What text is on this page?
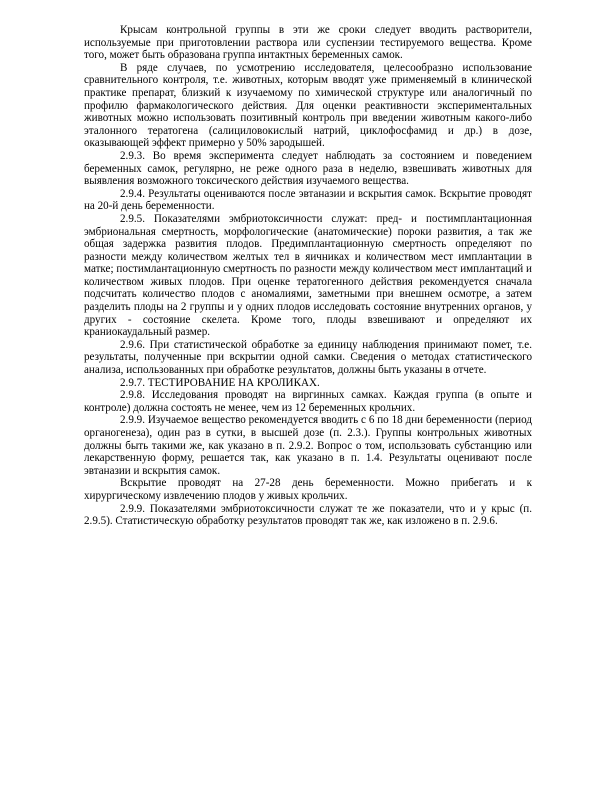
Крысам контрольной группы в эти же сроки следует вводить растворители, используемые при приготовлении раствора или суспензии тестируемого вещества. Кроме того, может быть образована группа интактных беременных самок.

В ряде случаев, по усмотрению исследователя, целесообразно использование сравнительного контроля, т.е. животных, которым вводят уже применяемый в клинической практике препарат, близкий к изучаемому по химической структуре или аналогичный по профилю фармакологического действия. Для оценки реактивности экспериментальных животных можно использовать позитивный контроль при введении животным какого-либо эталонного тератогена (салициловокислый натрий, циклофосфамид и др.) в дозе, оказывающей эффект примерно у 50% зародышей.

2.9.3. Во время эксперимента следует наблюдать за состоянием и поведением беременных самок, регулярно, не реже одного раза в неделю, взвешивать животных для выявления возможного токсического действия изучаемого вещества.

2.9.4. Результаты оцениваются после эвтаназии и вскрытия самок. Вскрытие проводят на 20-й день беременности.

2.9.5. Показателями эмбриотоксичности служат: пред- и постимплантационная эмбриональная смертность, морфологические (анатомические) пороки развития, а так же общая задержка развития плодов. Предимплантационную смертность определяют по разности между количеством желтых тел в яичниках и количеством мест имплантации в матке; постимлантационную смертность по разности между количеством мест имплантаций и количеством живых плодов. При оценке тератогенного действия рекомендуется сначала подсчитать количество плодов с аномалиями, заметными при внешнем осмотре, а затем разделить плоды на 2 группы и у одних плодов исследовать состояние внутренних органов, у других - состояние скелета. Кроме того, плоды взвешивают и определяют их краниокаудальный размер.

2.9.6. При статистической обработке за единицу наблюдения принимают помет, т.е. результаты, полученные при вскрытии одной самки. Сведения о методах статистического анализа, использованных при обработке результатов, должны быть указаны в отчете.

2.9.7. ТЕСТИРОВАНИЕ НА КРОЛИКАХ.

2.9.8. Исследования проводят на виргинных самках. Каждая группа (в опыте и контроле) должна состоять не менее, чем из 12 беременных крольчих.

2.9.9. Изучаемое вещество рекомендуется вводить с 6 по 18 дни беременности (период органогенеза), один раз в сутки, в высшей дозе (п. 2.3.). Группы контрольных животных должны быть такими же, как указано в п. 2.9.2. Вопрос о том, использовать субстанцию или лекарственную форму, решается так, как указано в п. 1.4. Результаты оценивают после эвтаназии и вскрытия самок.

Вскрытие проводят на 27-28 день беременности. Можно прибегать и к хирургическому извлечению плодов у живых крольчих.

2.9.9. Показателями эмбриотоксичности служат те же показатели, что и у крыс (п. 2.9.5). Статистическую обработку результатов проводят так же, как изложено в п. 2.9.6.
